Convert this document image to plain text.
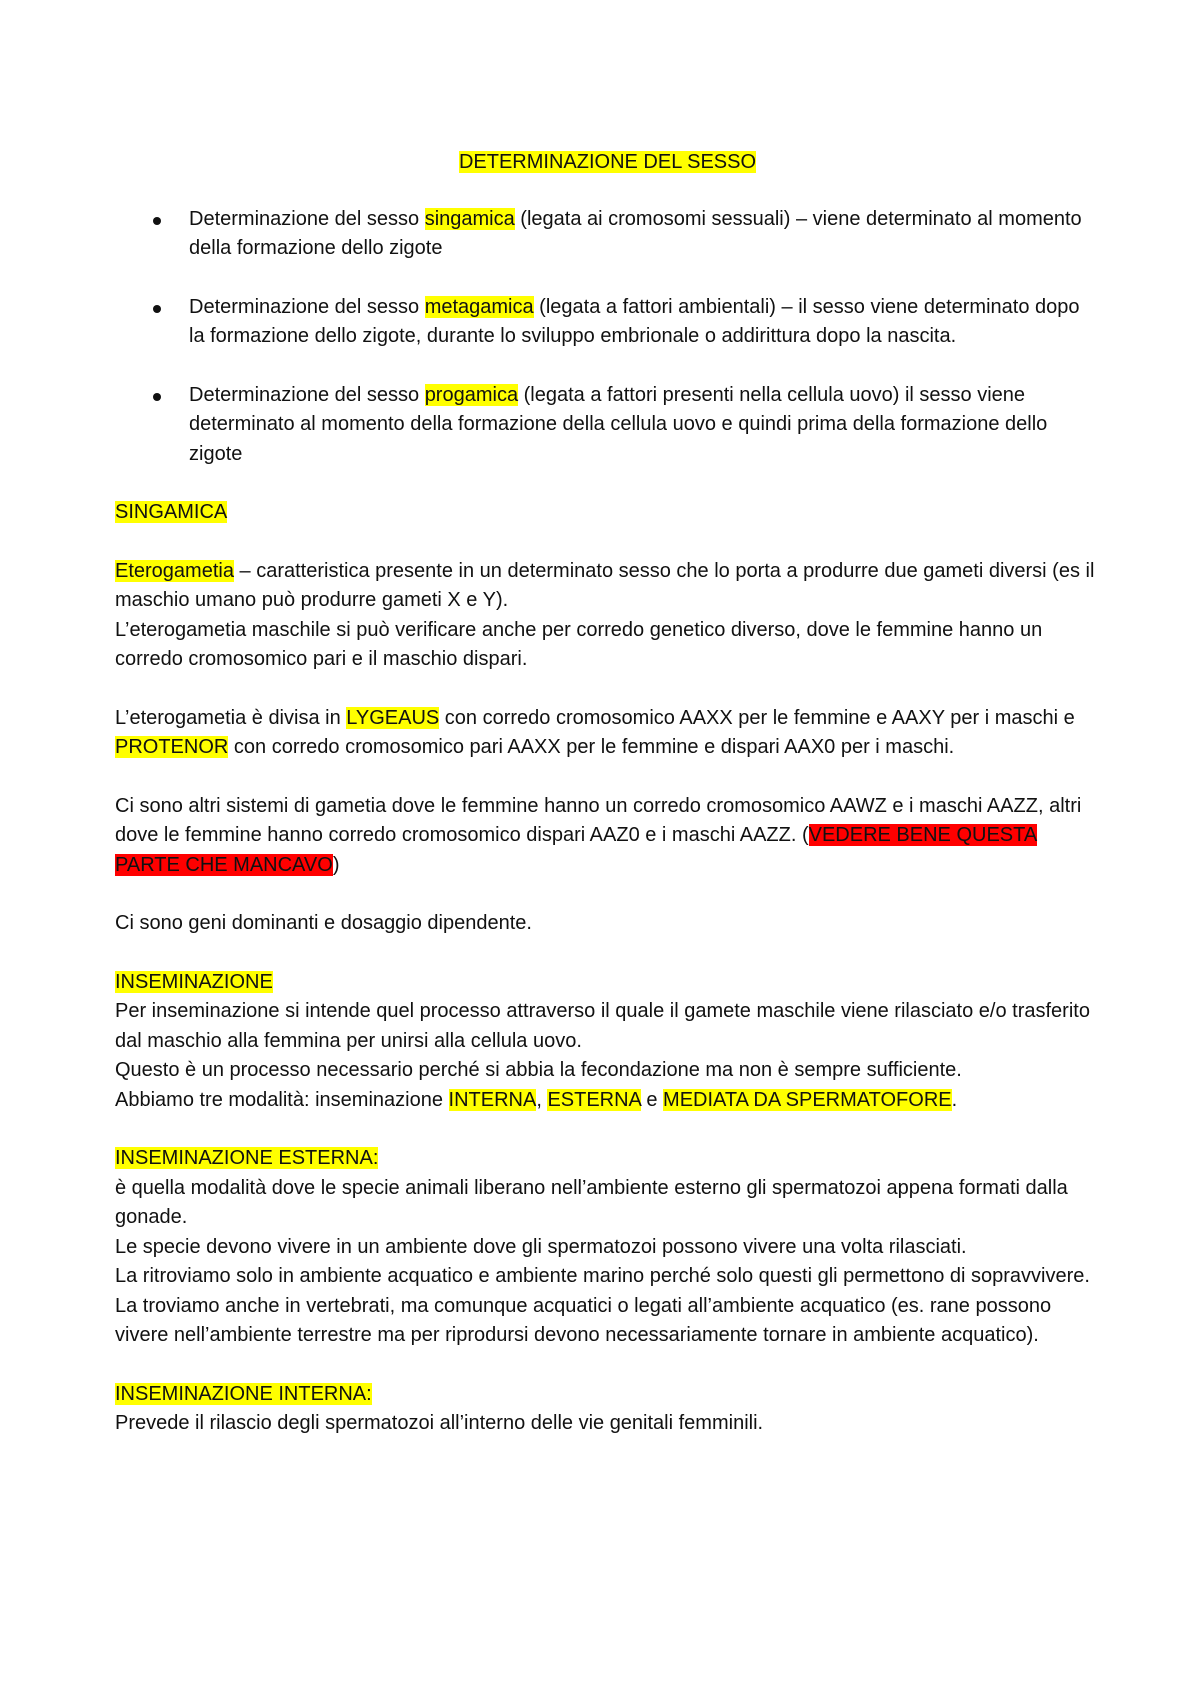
DETERMINAZIONE DEL SESSO

Determinazione del sesso singamica (legata ai cromosomi sessuali) – viene determinato al momento della formazione dello zigote
Determinazione del sesso metagamica (legata a fattori ambientali) – il sesso viene determinato dopo la formazione dello zigote, durante lo sviluppo embrionale o addirittura dopo la nascita.
Determinazione del sesso progamica (legata a fattori presenti nella cellula uovo) il sesso viene determinato al momento della formazione della cellula uovo e quindi prima della formazione dello zigote

SINGAMICA

Eterogametia – caratteristica presente in un determinato sesso che lo porta a produrre due gameti diversi (es il maschio umano può produrre gameti X e Y).

L’eterogametia maschile si può verificare anche per corredo genetico diverso, dove le femmine hanno un corredo cromosomico pari e il maschio dispari.

L’eterogametia è divisa in LYGEAUS con corredo cromosomico AAXX per le femmine e AAXY per i maschi e PROTENOR con corredo cromosomico pari AAXX per le femmine e dispari AAX0 per i maschi.

Ci sono altri sistemi di gametia dove le femmine hanno un corredo cromosomico AAWZ e i maschi AAZZ, altri dove le femmine hanno corredo cromosomico dispari AAZ0 e i maschi AAZZ. (VEDERE BENE QUESTA PARTE CHE MANCAVO)

Ci sono geni dominanti e dosaggio dipendente.

INSEMINAZIONE

Per inseminazione si intende quel processo attraverso il quale il gamete maschile viene rilasciato e/o trasferito dal maschio alla femmina per unirsi alla cellula uovo.

Questo è un processo necessario perché si abbia la fecondazione ma non è sempre sufficiente.

Abbiamo tre modalità: inseminazione INTERNA, ESTERNA e MEDIATA DA SPERMATOFORE.

INSEMINAZIONE ESTERNA:

è quella modalità dove le specie animali liberano nell’ambiente esterno gli spermatozoi appena formati dalla gonade.

Le specie devono vivere in un ambiente dove gli spermatozoi possono vivere una volta rilasciati.

La ritroviamo solo in ambiente acquatico e ambiente marino perché solo questi gli permettono di sopravvivere.

La troviamo anche in vertebrati, ma comunque acquatici o legati all’ambiente acquatico (es. rane possono vivere nell’ambiente terrestre ma per riprodursi devono necessariamente tornare in ambiente acquatico).

INSEMINAZIONE INTERNA:

Prevede il rilascio degli spermatozoi all’interno delle vie genitali femminili.
